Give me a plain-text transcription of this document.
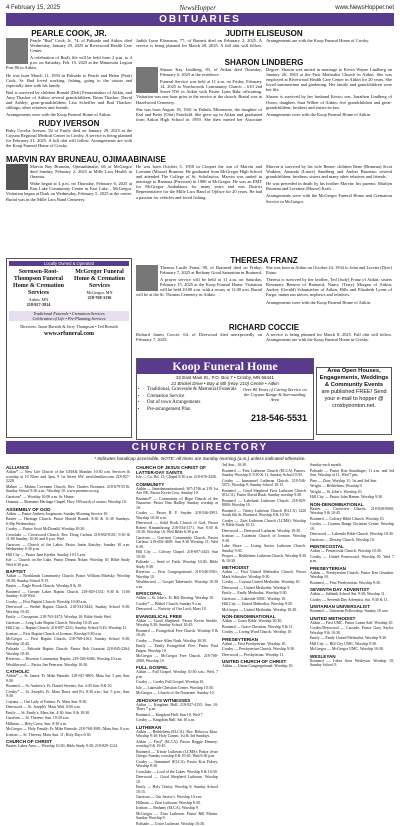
4 February 15, 2025	NewsHopper	www.NewsHopper.net
OBITUARIES
PEARLE COOK, JR.

Pearle "Bud" Cook, Jr., 74, of Palisade and Aitkin, died Wednesday, January 29, 2025 in Riverwood Health Care Center.

A celebration of Bud's life will be held from 2 p.m. to 4 p.m. on Saturday, Feb. 15, 2025 at the Minnesota Legion Post 86 in Aitkin.

He was born March 11, 1950 in Palisade to Pearle and Helen (Pratt) Cook, Sr. Bud loved working, fishing, going to the casino and especially time with his family.

Bud is survived by children Ronald (Deb) Fenstermaker of Aitkin, and Amy Thacker of Aitkin; several grandchildren; Brian Thacker, David and Ashley; great-grandchildren; Lisa Scheffler and Bud Thacker; siblings; other relatives and friends.

Arrangements were with the Koop Funeral Home of Aitkin.

RUDY IVERSON

Ruby Cecelia Iverson, 92 of Emily died on January 29, 2025 at the Cuyuna Regional Medical Center in Crosby. A service is being planned for February 21, 2025. A full obit will follow. Arrangements are with the Koop Funeral Home of Crosby.

JUDITH ELISEUSON

Judith Lynn Eliseuson, 77, of Barnett died on February 2, 2025. A service is being planned for March 28, 2025. A full obit will follow. Arrangements are with the Koop Funeral Home of Crosby.

SHARON LINDBERG

Sharon Kay Lindberg, 83, of Aitkin died Thursday, February 6, 2025 at the residence.

Funeral Service was held at 11 a.m. on Friday, February 14, 2025 at Northwoods Community Church – 610 2nd Street NW in Aitkin with Pastor Lynn Bahr officiating. Visitation was one hour prior to the service at the church. Burial was in Hazelwood Cemetery.

She was born August 18, 1941 in Duluth, Minnesota, the daughter of Earl and Betty (Olin) Fairchild. She grew up in Aitkin and graduated from Aitkin High School in 1959. She then earned her Associate Degree. Sharon was united in marriage to Kevin Wayne Lindberg on January 26, 1963 at the First Methodist Church in Aitkin. She was employed at Riverwood Health Care Center in Aitkin for 20 years. She loved summertime and gardening. Her family and grandchildren were her life.

Sharon is survived by her husband Kevin; son, Jonathon Lindberg of Osseo; daughter, Sara Wilber of Aitkin; five grandchildren and great-grandchildren; brothers and sisters-in-law.

Arrangements were with the Koop Funeral Home of Aitkin.

MARVIN RAY BRUNEAU, OJIMAABINAISE

Marvin Ray Bruneau, Ojimaabinaise, 66 of McGregor died Sunday, February 2, 2025 at Mille Lacs Health in Onamia.

Wake began at 4 p.m. on Thursday, February 6, 2025 at East Lake Community Center in East Lake – McGregor. Visitation began at Dusk on Wednesday, February 5, 2025 at the center. Burial was in the Mille Lacs Band Cemetery.

He was born October 5, 1958 in Cloquet the son of Marvin and Lorraine (Moose) Bruneau. He graduated from McGregor High School and attended The College of St. Scholastica. Marvin was united in marriage to Ramona (Peterson) in 1980 at McGregor. He was an EMT for McGregor Ambulance for many years and was District Representative for the Mille Lacs Band of Ojibwe for 20 years. He had a passion for vehicles and loved fishing.

Marvin is survived by his wife Renee; children Rene (Bruneau) Scott Watkins, Amanda (Lance) Sandberg and Amber Bruneau; several grandchildren; brothers; sisters and many other relatives and friends.

He was preceded in death by his brother Marvin; his parents; Marilyn Bruneau and Lorraine (Moose) Kraft.

Arrangements were with the McGregor Funeral Home and Cremation Service in McGregor.

THERESA FRANZ

Theresa Lucile Franz, 90, of Brainerd died on Friday, February 7, 2025 at Bethany Good Samaritan in Brainerd.

A prayer service will be held at 11 a.m. on Saturday, February 15, 2025 at the Koop Funeral Home. Visitation will be held 10:00 a.m. with a rosary at 11:00 a.m. Burial will be at the St. Thomas Cemetery in Aitkin.

She was born in Aitkin on October 24, 1934 to John and Loretta (Dyer) Franz.

Theresa is survived by her brother, Ted (Judy) Franz of Aitkin; sisters Rosemary Benson of Brainerd, Nancy (Terry) Morgan of Aitkin; Audrey (Gerald) Schumacher of Aitkin; Hills and Elizabeth Lyons of Fargo; numerous nieces, nephews and relatives.

Arrangements were with the Koop Funeral Home of Aitkin.

RICHARD COCCIE

Richard James Coccie, 64, of Deerwood died unexpectedly on February 7, 2025.

A service is being planned for March 8, 2025. Full obit will follow. Arrangements are with the Koop Funeral Home in Crosby.

Locally Owned & Operated
Sorensen-Root-Thompson Funeral Home & Cremation Services
Aitkin, MN
218-927-2814
McGregor Funeral Home & Cremation Services
McGregor, MN
218-768-3136
Traditional Funerals • Cremation Services
Celebration of Life • Pre-Planning Services
Directors: Jason Borseth & Jerry Thompson • Ted Borseth
www.srfuneral.com
Koop Funeral Home
32 East Main St., P.O. Box 7 • Crosby, MN 56441
21 Brickel Drive • Bay & 6th (Hwy. 210) Centre • Aitkin
• Traditional, Graveside & Memorial Funerals
• Cremation Service
• Out of town Arrangements
• Pre-arrangement Plan
Over 80 Years of Caring Service on the Cuyuna Range & Surrounding Area
218-546-5531
Area Open Houses, Engagements, Weddings & Community Events
are published FREE! Send your e-mail to hopper @ crosbyironton.net.
CHURCH DIRECTORY
* Indicates handicap accessible. NOTE: All times are Sunday morning (a.m.) unless indicated otherwise.
ALLIANCE

Aitkin* — New Life Church of the CMA& Monday 10:30 a.m. Services & worship at 10 Nlzer and 3pm. 9 1st Street SW. newlifeaitkin.com 218-927-2228.

Malmo — Malmo Covenant Church. Rev. Charles Boonstra. 218-679-5516. Sunday School 9:30 a.m.; Worship 10. www.premmcov.org.

Garrison* — Worship 10:00 a.m. Sr. Home.

Onamia — Moments Heritage Chapel, Hwy 169 north of casino; Worship 10.

ASSEMBLY OF GOD

Aitkin — Pastor Andrew Jorgenson; Sunday Morning Service 10.

Baxter — Heritage Church. Pastor Harold Brandt; 8:30 & 11:30 Sundays; 6:30p Wednesdays.

Crosby — Pastor Scott McDonald; Worship 10:30.

Crosslake — Crosswood Church. Rev. Doug Carlson 218-692-0101; 9:30 & 11:00 Sunday; 10:30 and 6 p.m. Wed.

Garrison — Church of the Lakes. Pastor Justin Knisley; Sunday 10 a.m. Wednesday 6:30 p.m.

Hill City — Pastor Jane Kjerlin. Sunday 10:15 a.m.

Isle — Church on the Lake. Pastor Dennis Nolan; Worship 10; Bible Study Wed 6:30 p.m.

BAPTIST

Aitkin — Northlands Community Church. Pastor William Malesky. Worship 10:30; Sunday School 9:15.

Baxter — Eagle Brook Church; Worship 8 & 10.

Brainerd — Greater Lakes Baptist Church. 218-829-1331; 9:30 & 11:00 Sunday; 6:30 Wed.

Crosby — First Baptist Church; Worship 10:00 a.m.

Deerwood — Bethel Baptist Church. 218-534-3443; Sunday School 9:30; Worship 10:45.

Emily — Crosspoint. 218-763-2473; Worship 10; Bible Study Wed.

Garrison — Long Lake Baptist Church; Worship 10:45 a.m.

Hill City — Baptist Church. 218-697-2231; Sunday School 9:45; Worship 11.

Ironton — First Baptist Church of Ironton; Worship 9:30 a.m.

McGregor — First Baptist Church; 218-768-4161; Sunday School 9:30; Worship 10:45.

Palisade — Palisade Baptist Church; Pastor Rob Grazzini 218-845-2264; Worship 10:30.

Riverton — Riverton Community Baptist. 218-546-6484; Worship 10 a.m.

Wealthwood — Pastor Jim Peterson; Worship 10:30.

CATHOLIC

Aitkin* — St. James. Fr. Mike Patnode. 218-927-6801; Mass Sat. 5 pm; Sun. 9:30.

Brainerd — St. Andrew's. Fr. Daniel Stevens; Sat. 4:30 Sun. 8 & 10.

Crosby* — St. Joseph's. Fr. Mass Thurs. and Fri. 8:30 a.m.; Sat. 5 p.m.; Sun. 9:30.

Cuyuna — Our Lady of Fatima. Fr. Mass Sun. 8:30.

Deerwood — St. Joseph's. Mass Wed. 8:00 a.m.

Emily — St. Emily's; Mass Sat. 4:30; Sun. 8 & 10:30.

Garrison — St. Therese; Sun. 10:30 a.m.

Hillman — Holy Cross; Sun. 8:30 a.m.

McGregor — Holy Family; Fr. Mike Patnode. 218-768-3981; Mass Sun. 8 a.m.

Ironton — St. Theresa; Mass Sun. 11; Holy Days 6:30.

CHURCH OF CHRIST

Baxter, Lakes Area — Worship 10:30; Bible Study 9:30; 218-829-1124.

CHURCH OF JESUS CHRIST OF LATTER-DAY SAINTS

Isle — Co. Rd. 13; Chapel 9:30 a.m. 218-676-3426.

COMMUNITY

Aitkin — Interdenominational; 307-2746 at 219 1st Ave NE; Pastor Kevin Coss. Sunday 10.

Brainerd* — Community of Hope Church of the Nazarene. Pastor Dan Hadley. Sunday worship at 10.

Crosby — Pastor R. F. Snyder. 218-546-2991. Worship 10:30 a.m.

Deerwood — Solid Rock Church of God. Pastor Robert Kimanthrong 218-534-3171. Sun 8:30 & 10:30; Worship 10; Wed Bible 6:30 p.m.

Garrison — Garrison Community Church. Pastor Carlson. 218-692-4849. Sun 9:30 Worship 11; Wed 6:30.

Hill City — Calvary Chapel. 218-697-2443. Sun 10:30.

Palisade — Seed of Faith. Worship 10:30; Bible Study 9:30.

Riverton — First Congregational. 218-546-5561; Worship 10.

Wealthwood — Gospel Tabernacle. Worship 10:30 a.m.

EPISCOPAL

Aitkin — St. John's. Fr. Bill Doering. Worship 10.

Crosby* — Bethel Church, Sunday 9 a.m.

Deerwood — Nativity of Our Lord; Mass 10.

EVANGELICAL FREE

Aitkin — Good Shepherd. Pastor Kevin Stroble. Worship 9:30; Sunday School 10:45.

Brainerd — Evangelical Free Church. Worship 9 & 10:45.

Crosby — Pastor Allen Nash. Worship 10:30.

Emily — Emily Evangelical Free. Pastor Paul Engen. Worship 10.

McGregor — McGregor Free Church. 218-768-2000; Worship 10.

FULL GOSPEL

Aitkin — Full Gospel. Worship 10:30 a.m.; Wed. 7 p.m.

Crosby — Crosby Full Gospel. Worship 10.

Isle — Lakeside Christian Center. Worship 10:30.

McGregor — Church of the Nazarene. Sunday 10.

JEHOVAH'S WITNESSES

Aitkin — Kingdom Hall. 218-927-4155. Sun 10; Thurs 7 p.m.

Brainerd — Kingdom Hall. Sun 10; Wed 7.

Crosby — Kingdom Hall. Sat 10 a.m.

LUTHERAN

Aitkin — Bethlehem (ELCA). Rev. Rebecca Kinz. Worship 9:30; Holy Comm. 1st & 3rd Sundays.

Aitkin — First* (ELCA). Pastor Reggie Denney; worship 9 & 10:45.

Brainerd — Trinity Lutheran (LCMS); Pastor Jesse Ortega. Sunday worship 8 & 10:45; Wed 6:30 p.m.

Crosby — Immanuel (ELCA). Pastor Kris Fidsey. Worship 9:30.

Crosslake — Lord of the Lakes. Worship 8 & 10:30.

Deerwood — Good Shepherd Lutheran. Worship 10.

Emily — Holy Trinity. Worship 9; Sunday School 10:15.

Garrison — Our Savior's. Worship 10 a.m.

Hillman — Zion Lutheran. Worship 8:30.

Ironton — Bethany (ELCA). Worship 9.

McGregor — Zion Lutheran. Pastor Bill Martin. Sunday Worship 9.

Palisade — Grace Lutheran. Worship 10:30.

3rd Sun., 10:30.

Brainerd — First Lutheran Church (ELCA) Pastors. Sunday Worship 8, 9:30 & 11; Sunday School 9:30.

Crosby — Immanuel Lutheran Church. 218-546-5071; Worship 9; Sunday School 10:15.

Brainerd — Good Shepherd First Lutheran Church (ELCA). Pastor David Rusk; Sunday worship 9:30.

Brainerd — Lakeland Lutheran Church. 218-829-8800; Worship 10.

Brainerd — Trinity Lutheran Church (ELCA) 1420 South 6th St. Brainerd. Worship 8 & 10:30.

Crosby — Zion Lutheran Church (LCMS). Worship 9; Bible Study 10:15.

Deerwood — Deerwood Lutheran. Worship 10:30.

Ironton — Lutheran Church of Ironton. Worship 9:30.

Lake Shore — Living Savior Lutheran Church. Sunday 9:30.

Pequot — Bethlehem Lutheran Church. Worship 8:30 & 10:30.

METHODIST

Aitkin — First United Methodist Church. Pastor Mark Schussler; Worship 9:30.

Crosby — Cuyuna United Methodist. Worship 10.

Deerwood — United Methodist. Worship 9.

Emily — Emily Methodist. Worship 9:30.

Garrison — Lakeside UMC. Worship 10.

Hill City — United Methodist. Worship 9:30.

McGregor — United Methodist. Worship 10:30.

NON-DENOMINATIONAL

Aitkin — Grace Bible. Worship 10:30.

Brainerd — Grace Christian. Worship 9 & 11.

Crosby — Living Word Church. Worship 10.

PRESBYTERIAN

Aitkin — First Presbyterian. Worship 10.

Crosby — Presbyterian Church. Worship 9:30.

Deerwood — Presbyterian. Worship 11.

UNITED CHURCH OF CHRIST

Aitkin — Union Congregational. Worship 10.

Sunday each month.

Palisade — Pastor Ron Staudinger; 11 a.m. and 3rd Sun. Worship at 11; Wed 7 pm.

Pine — Zion; Worship 11; 1st and 3rd Sun.

Wright — Bethlehem; Worship 9.

Wright — St. John's; Worship 10.

Hill City — Pastor John Hamm. Worship 9:30.

NON-DENOMINATIONAL

Baxter — Crossview Church. 218-828-0000; Worship 9 & 10:45.

Brainerd — Calvary Bible Church. Worship 10.

Crosby — Cuyuna Range Christian Center. Worship 10.

Deerwood — Lakeside Bible Church. Worship 10:30.

Garrison — Destiny Church. Worship 10.

PENTECOSTAL

Aitkin — Pentecostal Church. Worship 10:30.

Crosby — United Pentecostal. Worship 10; Wed 7 p.m.

PRESBYTERIAN

Aitkin — Presbyterian Church. Pastor Ken Grunden. Worship 10.

Brainerd — First Presbyterian. Worship 9:30.

SEVENTH DAY ADVENTIST

Aitkin — Sabbath School Sat. 9:30; Worship 11.

Crosby — Seventh Day Adventist. Sat. 9:30 & 11.

UNITARIAN UNIVERSALIST

Brainerd — Unitarian Fellowship. Sunday 10 a.m.

UNITED METHODIST

Aitkin — First UMC. Pastor Leann Saff. Worship 10.

Crosby/Deerwood — Cascade. Pastor Gary Saylor. Worship 9 & 10:30.

Emily — Emily United Methodist. Worship 9:30.

Hill City — Hill City UMC. Worship 9:30.

McGregor — McGregor UMC. Worship 10:30.

WESLEYAN

Brainerd — Lakes Area Wesleyan. Worship 10; Sunday School 9.
